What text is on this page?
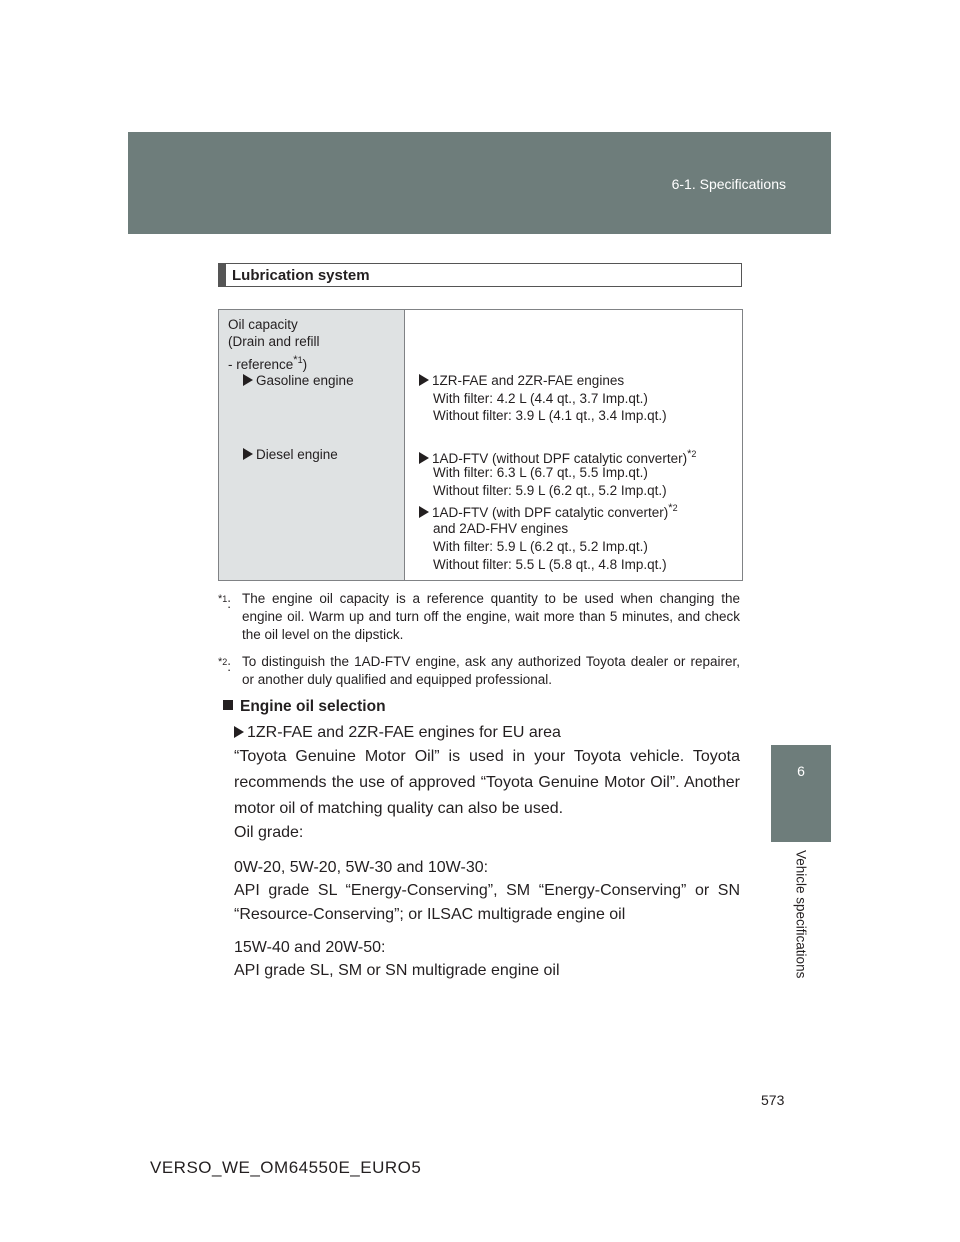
6-1. Specifications
6
Vehicle specifications
Lubrication system
Oil capacity
(Drain and refill
- reference$^{*1}$)
Gasoline engine
Diesel engine
1ZR-FAE and 2ZR-FAE engines
With filter: 4.2 L (4.4 qt., 3.7 Imp.qt.)
Without filter: 3.9 L (4.1 qt., 3.4 Imp.qt.)
1AD-FTV (without DPF catalytic converter)$^{*2}$
With filter: 6.3 L (6.7 qt., 5.5 Imp.qt.)
Without filter: 5.9 L (6.2 qt., 5.2 Imp.qt.)
1AD-FTV (with DPF catalytic converter)$^{*2}$
and 2AD-FHV engines
With filter: 5.9 L (6.2 qt., 5.2 Imp.qt.)
Without filter: 5.5 L (5.8 qt., 4.8 Imp.qt.)
$^{*1}$: The engine oil capacity is a reference quantity to be used when changing the engine oil. Warm up and turn off the engine, wait more than 5 minutes, and check the oil level on the dipstick.
$^{*2}$: To distinguish the 1AD-FTV engine, ask any authorized Toyota dealer or repairer, or another duly qualified and equipped professional.
Engine oil selection
1ZR-FAE and 2ZR-FAE engines for EU area
“Toyota Genuine Motor Oil” is used in your Toyota vehicle. Toyota recommends the use of approved “Toyota Genuine Motor Oil”. Another motor oil of matching quality can also be used.
Oil grade:
0W-20, 5W-20, 5W-30 and 10W-30:
API grade SL “Energy-Conserving”, SM “Energy-Conserving” or SN “Resource-Conserving”; or ILSAC multigrade engine oil
15W-40 and 20W-50:
API grade SL, SM or SN multigrade engine oil
573
VERSO_WE_OM64550E_EURO5
